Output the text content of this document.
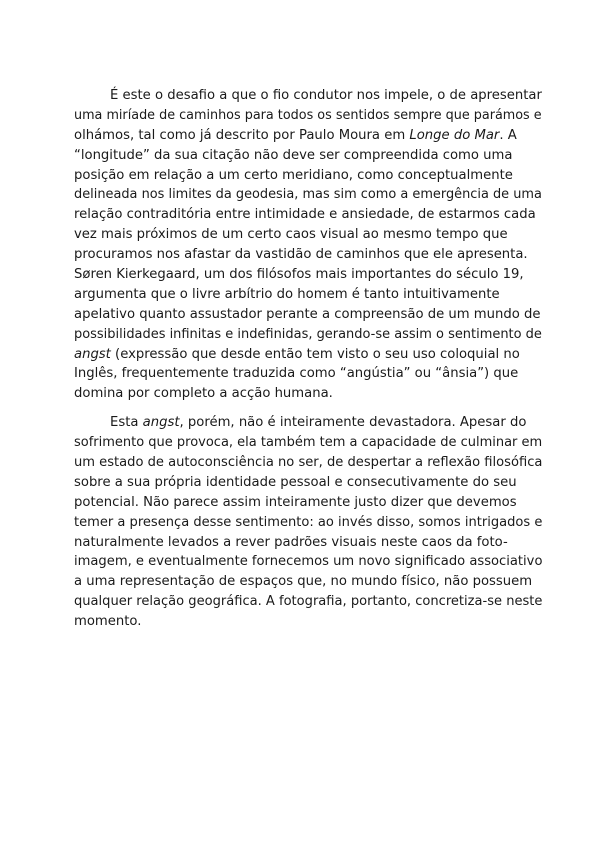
É este o desafio a que o fio condutor nos impele, o de apresentar
uma miríade de caminhos para todos os sentidos sempre que parámos e
olhámos, tal como já descrito por Paulo Moura em Longe do Mar. A
“longitude” da sua citação não deve ser compreendida como uma
posição em relação a um certo meridiano, como conceptualmente
delineada nos limites da geodesia, mas sim como a emergência de uma
relação contraditória entre intimidade e ansiedade, de estarmos cada
vez mais próximos de um certo caos visual ao mesmo tempo que
procuramos nos afastar da vastidão de caminhos que ele apresenta.
Søren Kierkegaard, um dos filósofos mais importantes do século 19,
argumenta que o livre arbítrio do homem é tanto intuitivamente
apelativo quanto assustador perante a compreensão de um mundo de
possibilidades infinitas e indefinidas, gerando-se assim o sentimento de
angst (expressão que desde então tem visto o seu uso coloquial no
Inglês, frequentemente traduzida como “angústia” ou “ânsia”) que
domina por completo a acção humana.
Esta angst, porém, não é inteiramente devastadora. Apesar do
sofrimento que provoca, ela também tem a capacidade de culminar em
um estado de autoconsciência no ser, de despertar a reflexão filosófica
sobre a sua própria identidade pessoal e consecutivamente do seu
potencial. Não parece assim inteiramente justo dizer que devemos
temer a presença desse sentimento: ao invés disso, somos intrigados e
naturalmente levados a rever padrões visuais neste caos da foto-
imagem, e eventualmente fornecemos um novo significado associativo
a uma representação de espaços que, no mundo físico, não possuem
qualquer relação geográfica. A fotografia, portanto, concretiza-se neste
momento.
